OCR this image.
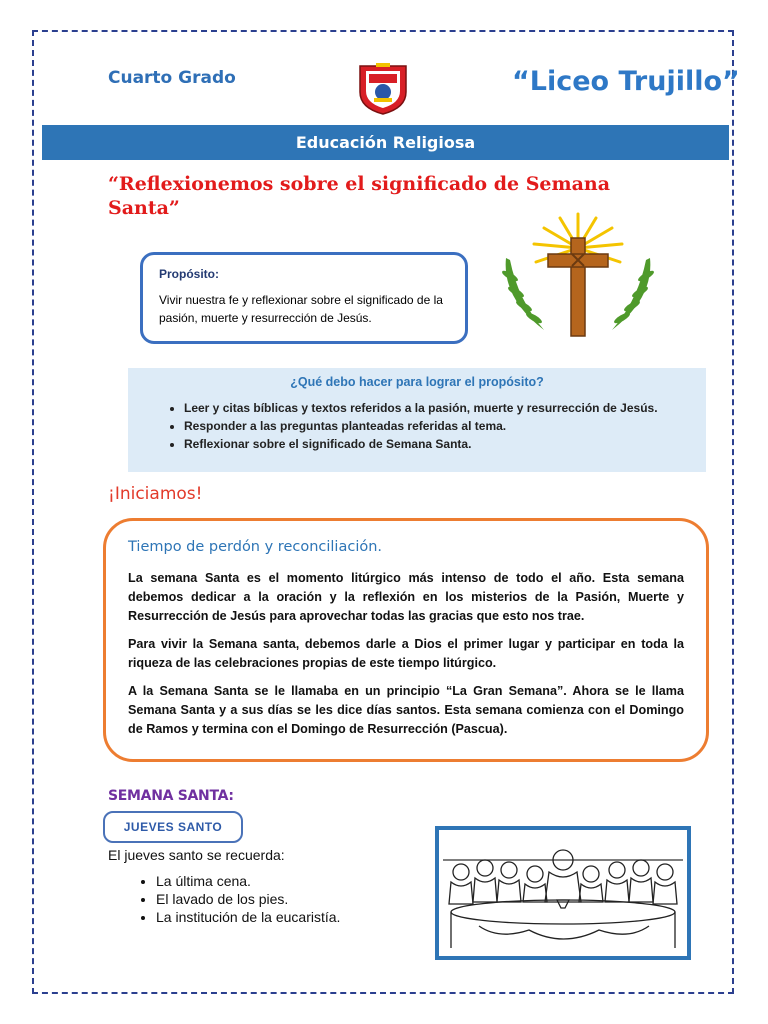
Cuarto Grado	“Liceo Trujillo”
Educación Religiosa
“Reflexionemos sobre el significado de Semana Santa”
Propósito:
Vivir nuestra fe y reflexionar sobre el significado de la pasión, muerte y resurrección de Jesús.
¿Qué debo hacer para lograr el propósito?
• Leer y citas bíblicas y textos referidos a la pasión, muerte y resurrección de Jesús.
• Responder a las preguntas planteadas referidas al tema.
• Reflexionar sobre el significado de Semana Santa.
¡Iniciamos!
Tiempo de perdón y reconciliación.

La semana Santa es el momento litúrgico más intenso de todo el año. Esta semana debemos dedicar a la oración y la reflexión en los misterios de la Pasión, Muerte y Resurrección de Jesús para aprovechar todas las gracias que esto nos trae.

Para vivir la Semana santa, debemos darle a Dios el primer lugar y participar en toda la riqueza de las celebraciones propias de este tiempo litúrgico.

A la Semana Santa se le llamaba en un principio “La Gran Semana”. Ahora se le llama Semana Santa y a sus días se les dice días santos. Esta semana comienza con el Domingo de Ramos y termina con el Domingo de Resurrección (Pascua).

SEMANA SANTA:
JUEVES SANTO
El jueves santo se recuerda:
• La última cena.
• El lavado de los pies.
• La institución de la eucaristía.
